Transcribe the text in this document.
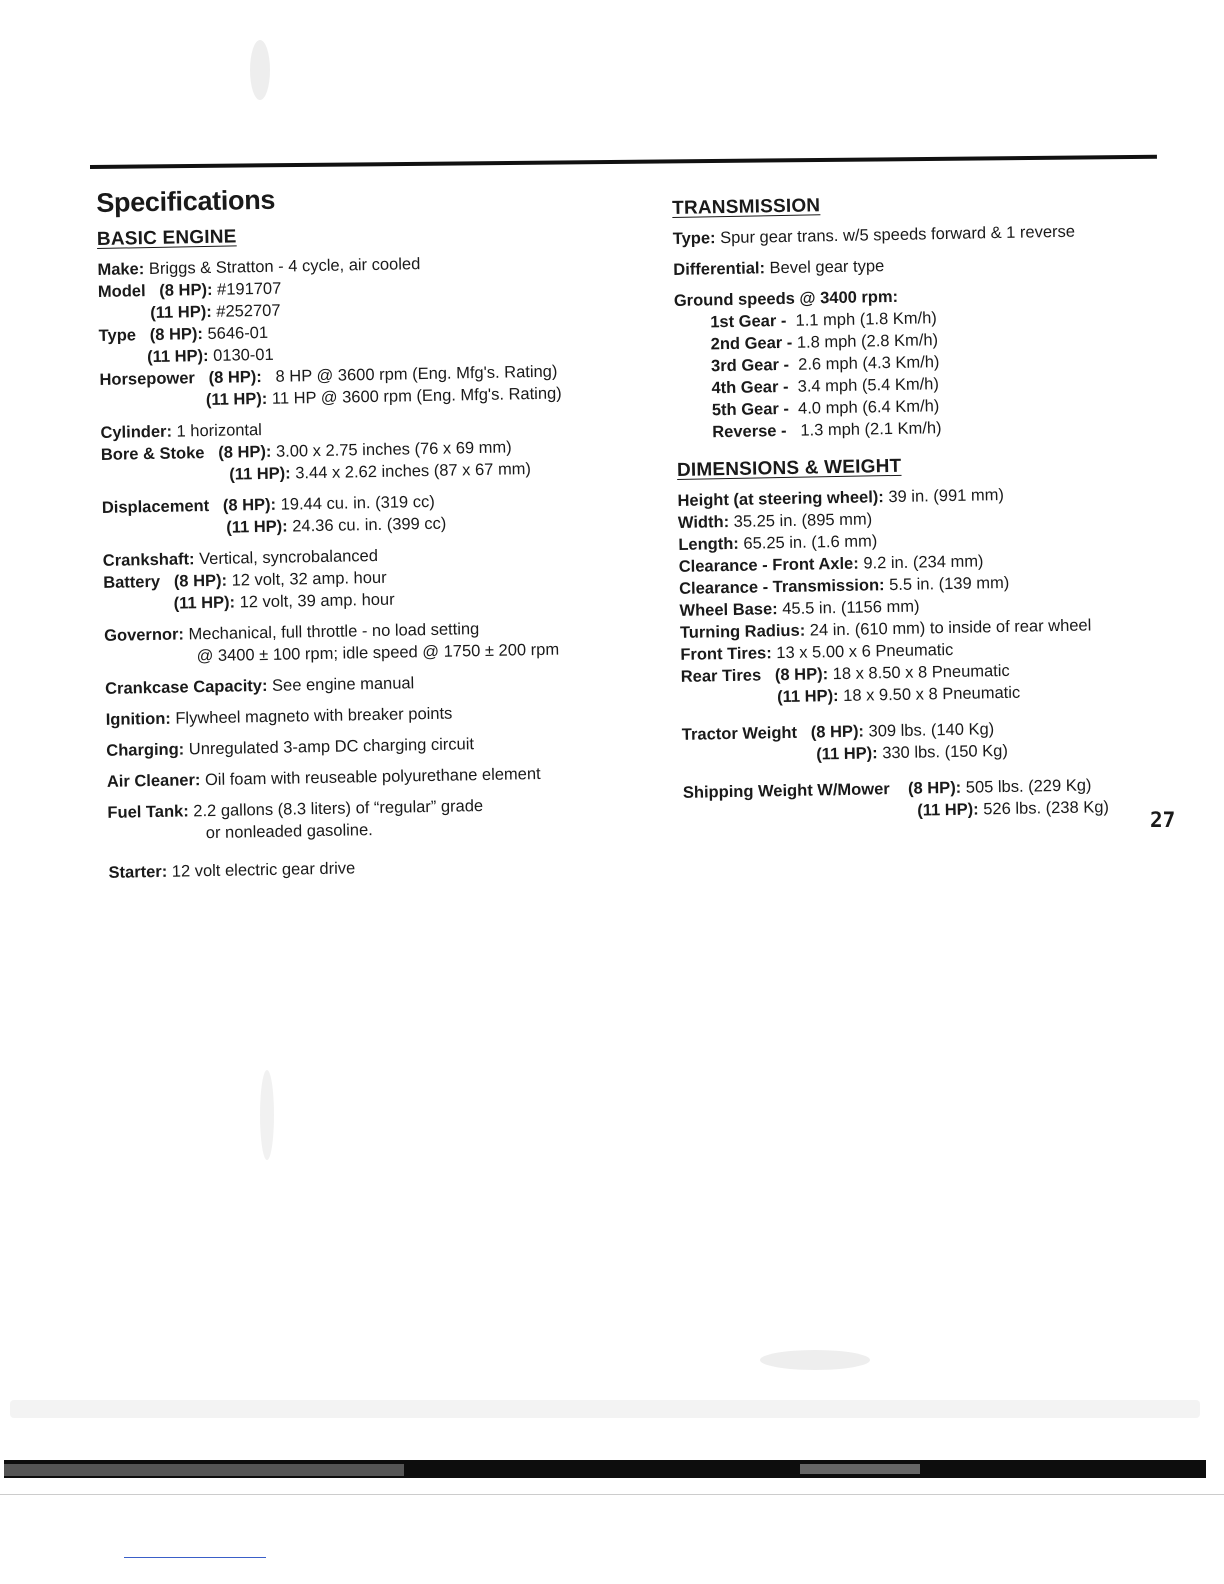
Specifications
BASIC ENGINE
Make: Briggs & Stratton - 4 cycle, air cooled
Model (8 HP): #191707
(11 HP): #252707
Type (8 HP): 5646-01
(11 HP): 0130-01
Horsepower (8 HP): 8 HP @ 3600 rpm (Eng. Mfg's. Rating)
(11 HP): 11 HP @ 3600 rpm (Eng. Mfg's. Rating)
Cylinder: 1 horizontal
Bore & Stoke (8 HP): 3.00 x 2.75 inches (76 x 69 mm)
(11 HP): 3.44 x 2.62 inches (87 x 67 mm)
Displacement (8 HP): 19.44 cu. in. (319 cc)
(11 HP): 24.36 cu. in. (399 cc)
Crankshaft: Vertical, syncrobalanced
Battery (8 HP): 12 volt, 32 amp. hour
(11 HP): 12 volt, 39 amp. hour
Governor: Mechanical, full throttle - no load setting
@ 3400 ± 100 rpm; idle speed @ 1750 ± 200 rpm
Crankcase Capacity: See engine manual
Ignition: Flywheel magneto with breaker points
Charging: Unregulated 3-amp DC charging circuit
Air Cleaner: Oil foam with reuseable polyurethane element
Fuel Tank: 2.2 gallons (8.3 liters) of “regular” grade
or nonleaded gasoline.
Starter: 12 volt electric gear drive
TRANSMISSION
Type: Spur gear trans. w/5 speeds forward & 1 reverse
Differential: Bevel gear type
Ground speeds @ 3400 rpm:
1st Gear - 1.1 mph (1.8 Km/h)
2nd Gear - 1.8 mph (2.8 Km/h)
3rd Gear - 2.6 mph (4.3 Km/h)
4th Gear - 3.4 mph (5.4 Km/h)
5th Gear - 4.0 mph (6.4 Km/h)
Reverse - 1.3 mph (2.1 Km/h)
DIMENSIONS & WEIGHT
Height (at steering wheel): 39 in. (991 mm)
Width: 35.25 in. (895 mm)
Length: 65.25 in. (1.6 mm)
Clearance - Front Axle: 9.2 in. (234 mm)
Clearance - Transmission: 5.5 in. (139 mm)
Wheel Base: 45.5 in. (1156 mm)
Turning Radius: 24 in. (610 mm) to inside of rear wheel
Front Tires: 13 x 5.00 x 6 Pneumatic
Rear Tires (8 HP): 18 x 8.50 x 8 Pneumatic
(11 HP): 18 x 9.50 x 8 Pneumatic
Tractor Weight (8 HP): 309 lbs. (140 Kg)
(11 HP): 330 lbs. (150 Kg)
Shipping Weight W/Mower (8 HP): 505 lbs. (229 Kg)
(11 HP): 526 lbs. (238 Kg)	27
